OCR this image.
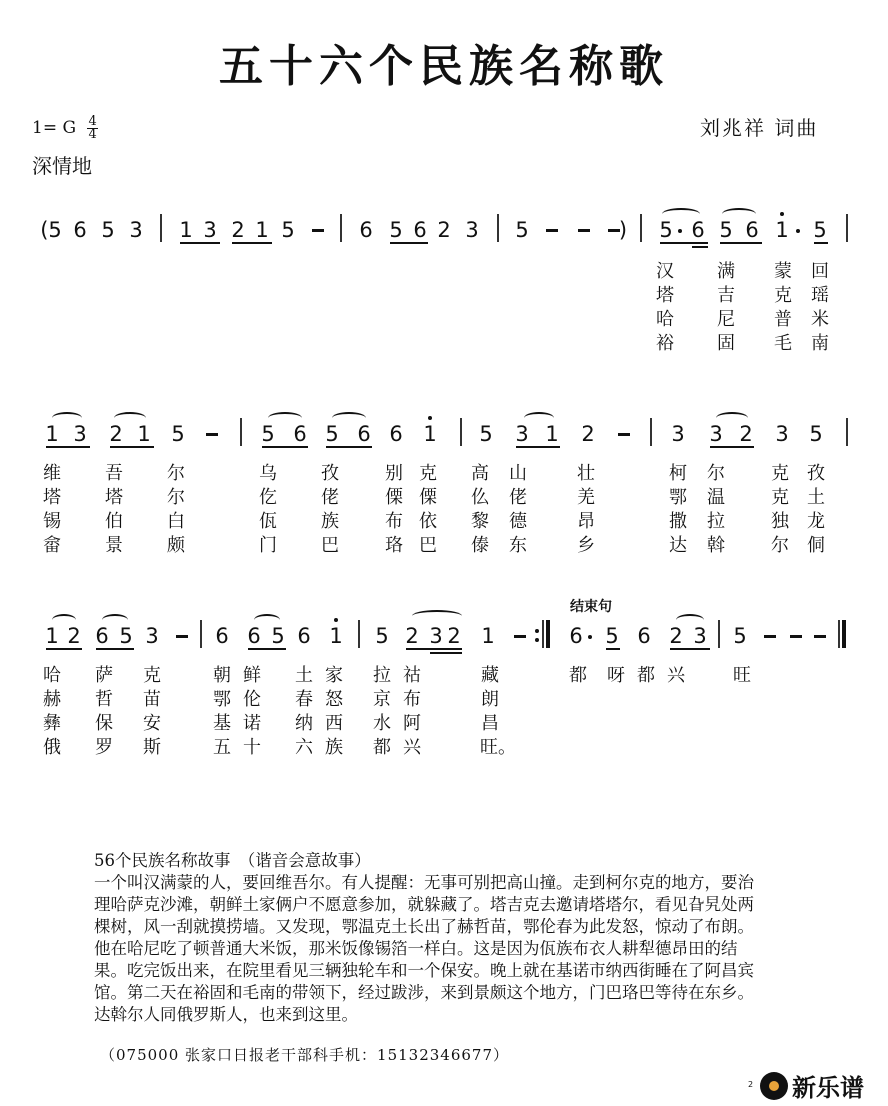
五十六个民族名称歌
1= G $\frac{4}{4}$
深情地
刘兆祥 词曲
(5 6 5 3 1 3 2 1 5	6 5 6 2 3 5	) 5 6 5 6 1 5
汉 满 蒙 回
塔 吉 克 瑶
哈 尼 普 米
裕 固 毛 南
1 3 2 1 5	5 6 5 6 6 1 5 3 1 2	3 3 2 3 5
维 吾 尔	乌 孜	别 克 高 山	壮	柯 尔	克 孜
塔 塔 尔	仡 佬	傈 傈 仫 佬	羌	鄂 温	克 土
锡 伯 白	佤 族	布 依 黎 德	昂	撒 拉	独 龙
畲 景 颇	门 巴	珞 巴 傣 东	乡	达 斡	尔 侗
结束句
1 2 6 5 3	6 6 5 6 1 5 2 3 2 1	6 5 6 2 3 5
哈 萨 克	朝 鲜 土 家 拉 祜	藏	都 呀 都 兴	旺
赫 哲 苗	鄂 伦 春 怒 京 布	朗
彝 保 安	基 诺 纳 西 水 阿	昌
俄 罗 斯	五 十 六 族 都 兴	旺。

56个民族名称故事　（谐音会意故事）

一个叫汉满蒙的人，要回维吾尔。有人提醒：无事可别把高山撞。走到柯尔克的地方，要治

理哈萨克沙滩，朝鲜土家俩户不愿意参加，就躲藏了。塔吉克去邀请塔塔尔，看见旮旯处两

棵树，风一刮就摸捞墙。又发现，鄂温克土长出了赫哲苗，鄂伦春为此发怒，惊动了布朗。

他在哈尼吃了顿普通大米饭，那米饭像锡箔一样白。这是因为佤族布衣人耕犁德昂田的结

果。吃完饭出来，在院里看见三辆独轮车和一个保安。晚上就在基诺市纳西街睡在了阿昌宾

馆。第二天在裕固和毛南的带领下，经过跋涉，来到景颇这个地方，门巴珞巴等待在东乡。

达斡尔人同俄罗斯人，也来到这里。

（075000 张家口日报老干部科手机：15132346677）
2 新乐谱
